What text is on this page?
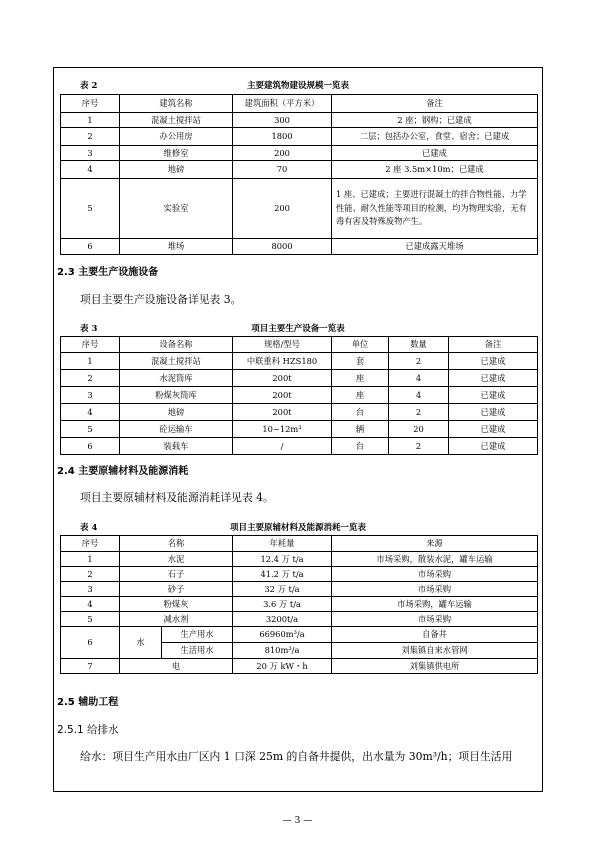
表 2	主要建筑物建设规模一览表
序号	建筑名称	建筑面积（平方米）	备注
1	混凝土搅拌站	300	2 座；钢构；已建成
2	办公用房	1800	二层；包括办公室，食堂、宿舍；已建成
3	维修室	200	已建成
4	地磅	70	2 座 3.5m×10m；已建成
5	实验室	200	1 座、已建成；主要进行混凝土的拌合物性能、力学性能、耐久性能等项目的检测，均为物理实验，无有毒有害及特殊废物产生。
6	堆场	8000	已建成露天堆场
2.3 主要生产设施设备
项目主要生产设施设备详见表 3。
表 3	项目主要生产设备一览表
序号	设备名称	规格/型号	单位	数量	备注
1	混凝土搅拌站	中联重科 HZS180	套	2	已建成
2	水泥筒库	200t	座	4	已建成
3	粉煤灰筒库	200t	座	4	已建成
4	地磅	200t	台	2	已建成
5	砼运输车	10~12m³	辆	20	已建成
6	装载车	/	台	2	已建成
2.4 主要原辅材料及能源消耗
项目主要原辅材料及能源消耗详见表 4。
表 4	项目主要原辅材料及能源消耗一览表
序号	名称		年耗量	来源
1	水泥		12.4 万 t/a	市场采购，散装水泥，罐车运输
2	石子		41.2 万 t/a	市场采购
3	砂子		32 万 t/a	市场采购
4	粉煤灰		3.6 万 t/a	市场采购，罐车运输
5	减水剂		3200t/a	市场采购
6	水	生产用水	66960m³/a	自备井
		生活用水	810m³/a	刘集镇自来水管网
7	电		20 万 kW・h	刘集镇供电所
2.5 辅助工程
2.5.1 给排水
给水：项目生产用水由厂区内 1 口深 25m 的自备井提供，出水量为 30m³/h；项目生活用
— 3 —
